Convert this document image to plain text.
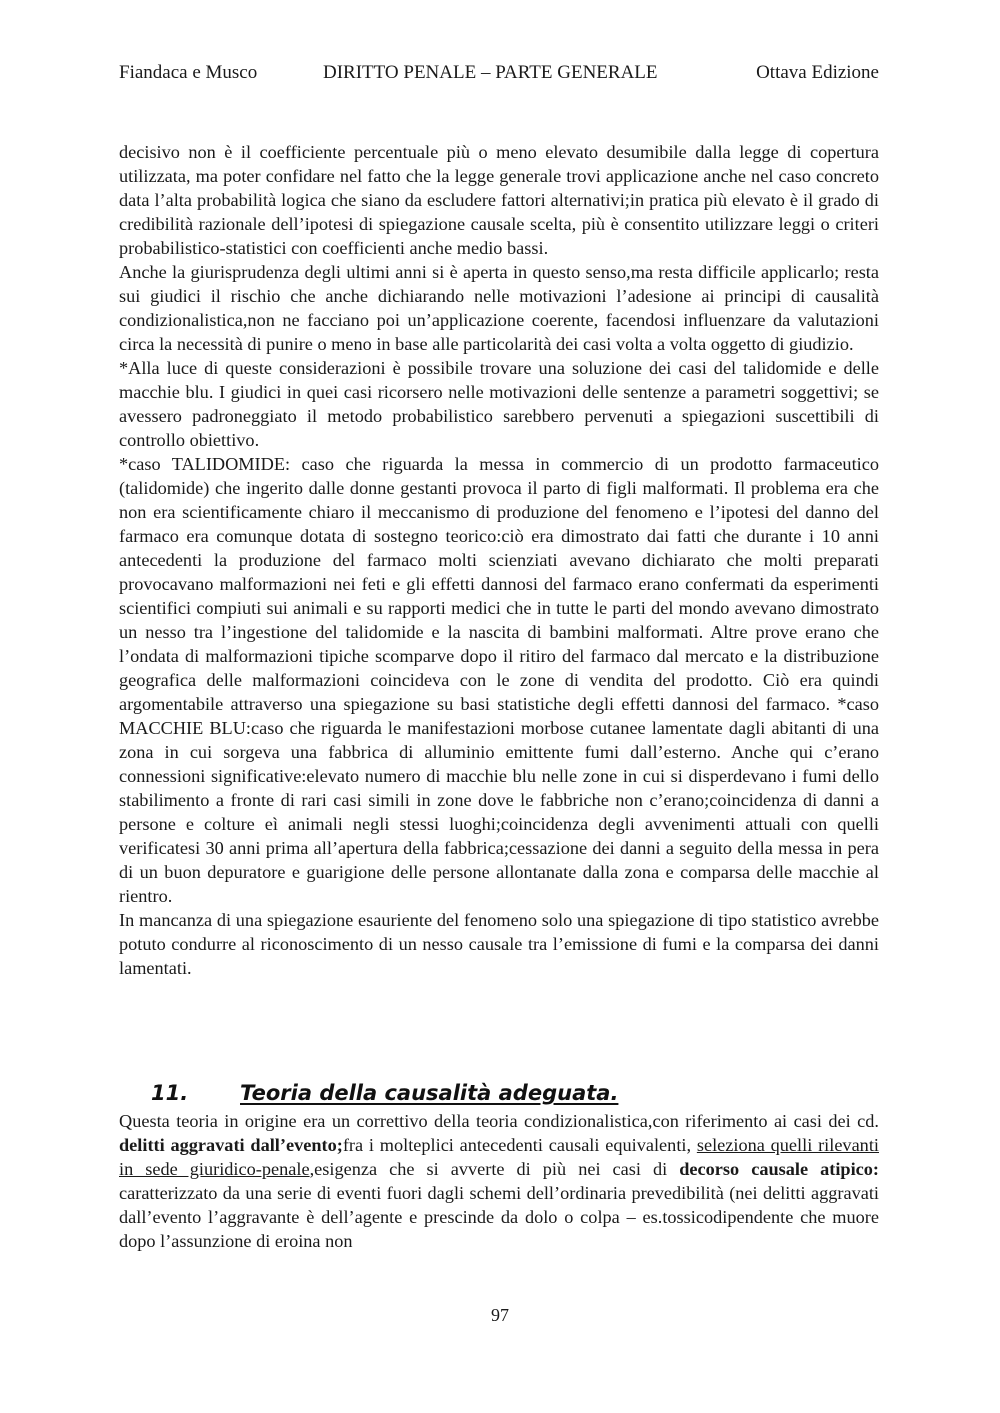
Fiandaca e Musco	DIRITTO PENALE – PARTE GENERALE	Ottava Edizione

decisivo non è il coefficiente percentuale più o meno elevato desumibile dalla legge di copertura utilizzata, ma poter confidare nel fatto che la legge generale trovi applicazione anche nel caso concreto data l’alta probabilità logica che siano da escludere fattori alternativi;in pratica più elevato è il grado di credibilità razionale dell’ipotesi di spiegazione causale scelta, più è consentito utilizzare leggi o criteri probabilistico-statistici con coefficienti anche medio bassi.

Anche la giurisprudenza degli ultimi anni si è aperta in questo senso,ma resta difficile applicarlo; resta sui giudici il rischio che anche dichiarando nelle motivazioni l’adesione ai principi di causalità condizionalistica,non ne facciano poi un’applicazione coerente, facendosi influenzare da valutazioni circa la necessità di punire o meno in base alle particolarità dei casi volta a volta oggetto di giudizio.

*Alla luce di queste considerazioni è possibile trovare una soluzione dei casi del talidomide e delle macchie blu. I giudici in quei casi ricorsero nelle motivazioni delle sentenze a parametri soggettivi; se avessero padroneggiato il metodo probabilistico sarebbero pervenuti a spiegazioni suscettibili di controllo obiettivo.

*caso TALIDOMIDE: caso che riguarda la messa in commercio di un prodotto farmaceutico (talidomide) che ingerito dalle donne gestanti provoca il parto di figli malformati. Il problema era che non era scientificamente chiaro il meccanismo di produzione del fenomeno e l’ipotesi del danno del farmaco era comunque dotata di sostegno teorico:ciò era dimostrato dai fatti che durante i 10 anni antecedenti la produzione del farmaco molti scienziati avevano dichiarato che molti preparati provocavano malformazioni nei feti e gli effetti dannosi del farmaco erano confermati da esperimenti scientifici compiuti sui animali e su rapporti medici che in tutte le parti del mondo avevano dimostrato un nesso tra l’ingestione del talidomide e la nascita di bambini malformati. Altre prove erano che l’ondata di malformazioni tipiche scomparve dopo il ritiro del farmaco dal mercato e la distribuzione geografica delle malformazioni coincideva con le zone di vendita del prodotto. Ciò era quindi argomentabile attraverso una spiegazione su basi statistiche degli effetti dannosi del farmaco. *caso MACCHIE BLU:caso che riguarda le manifestazioni morbose cutanee lamentate dagli abitanti di una zona in cui sorgeva una fabbrica di alluminio emittente fumi dall’esterno. Anche qui c’erano connessioni significative:elevato numero di macchie blu nelle zone in cui si disperdevano i fumi dello stabilimento a fronte di rari casi simili in zone dove le fabbriche non c’erano;coincidenza di danni a persone e colture eì animali negli stessi luoghi;coincidenza degli avvenimenti attuali con quelli verificatesi 30 anni prima all’apertura della fabbrica;cessazione dei danni a seguito della messa in pera di un buon depuratore e guarigione delle persone allontanate dalla zona e comparsa delle macchie al rientro.

In mancanza di una spiegazione esauriente del fenomeno solo una spiegazione di tipo statistico avrebbe potuto condurre al riconoscimento di un nesso causale tra l’emissione di fumi e la comparsa dei danni lamentati.

11. Teoria della causalità adeguata.

Questa teoria in origine era un correttivo della teoria condizionalistica,con riferimento ai casi dei cd. delitti aggravati dall’evento;fra i molteplici antecedenti causali equivalenti, seleziona quelli rilevanti in sede giuridico-penale,esigenza che si avverte di più nei casi di decorso causale atipico: caratterizzato da una serie di eventi fuori dagli schemi dell’ordinaria prevedibilità (nei delitti aggravati dall’evento l’aggravante è dell’agente e prescinde da dolo o colpa – es.tossicodipendente che muore dopo l’assunzione di eroina non

97
